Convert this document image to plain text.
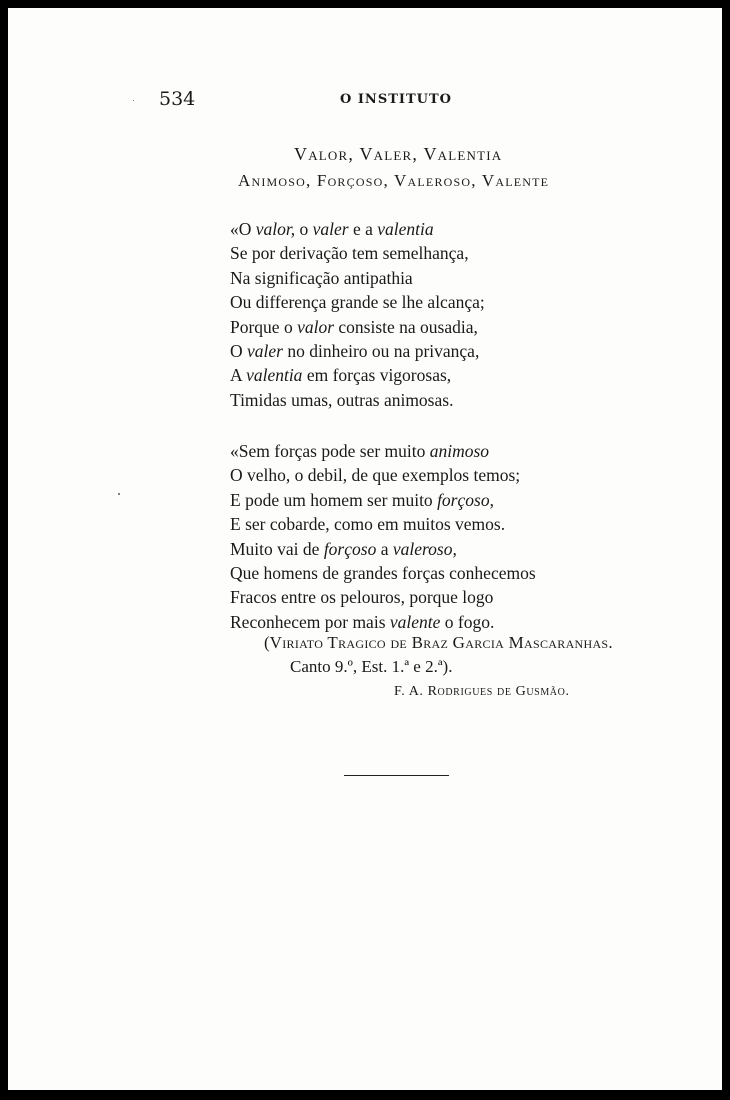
534	O INSTITUTO
Valor, Valer, Valentia
Animoso, Forçoso, Valeroso, Valente
«O valor, o valer e a valentia
Se por derivação tem semelhança,
Na significação antipathia
Ou differença grande se lhe alcança;
Porque o valor consiste na ousadia,
O valer no dinheiro ou na privança,
A valentia em forças vigorosas,
Timidas umas, outras animosas.
«Sem forças pode ser muito animoso
O velho, o debil, de que exemplos temos;
E pode um homem ser muito forçoso,
E ser cobarde, como em muitos vemos.
Muito vai de forçoso a valeroso,
Que homens de grandes forças conhecemos
Fracos entre os pelouros, porque logo
Reconhecem por mais valente o fogo.
(Viriato Tragico de Braz Garcia Mascaranhas.
Canto 9.º, Est. 1.ª e 2.ª).
F. A. Rodrigues de Gusmão.
